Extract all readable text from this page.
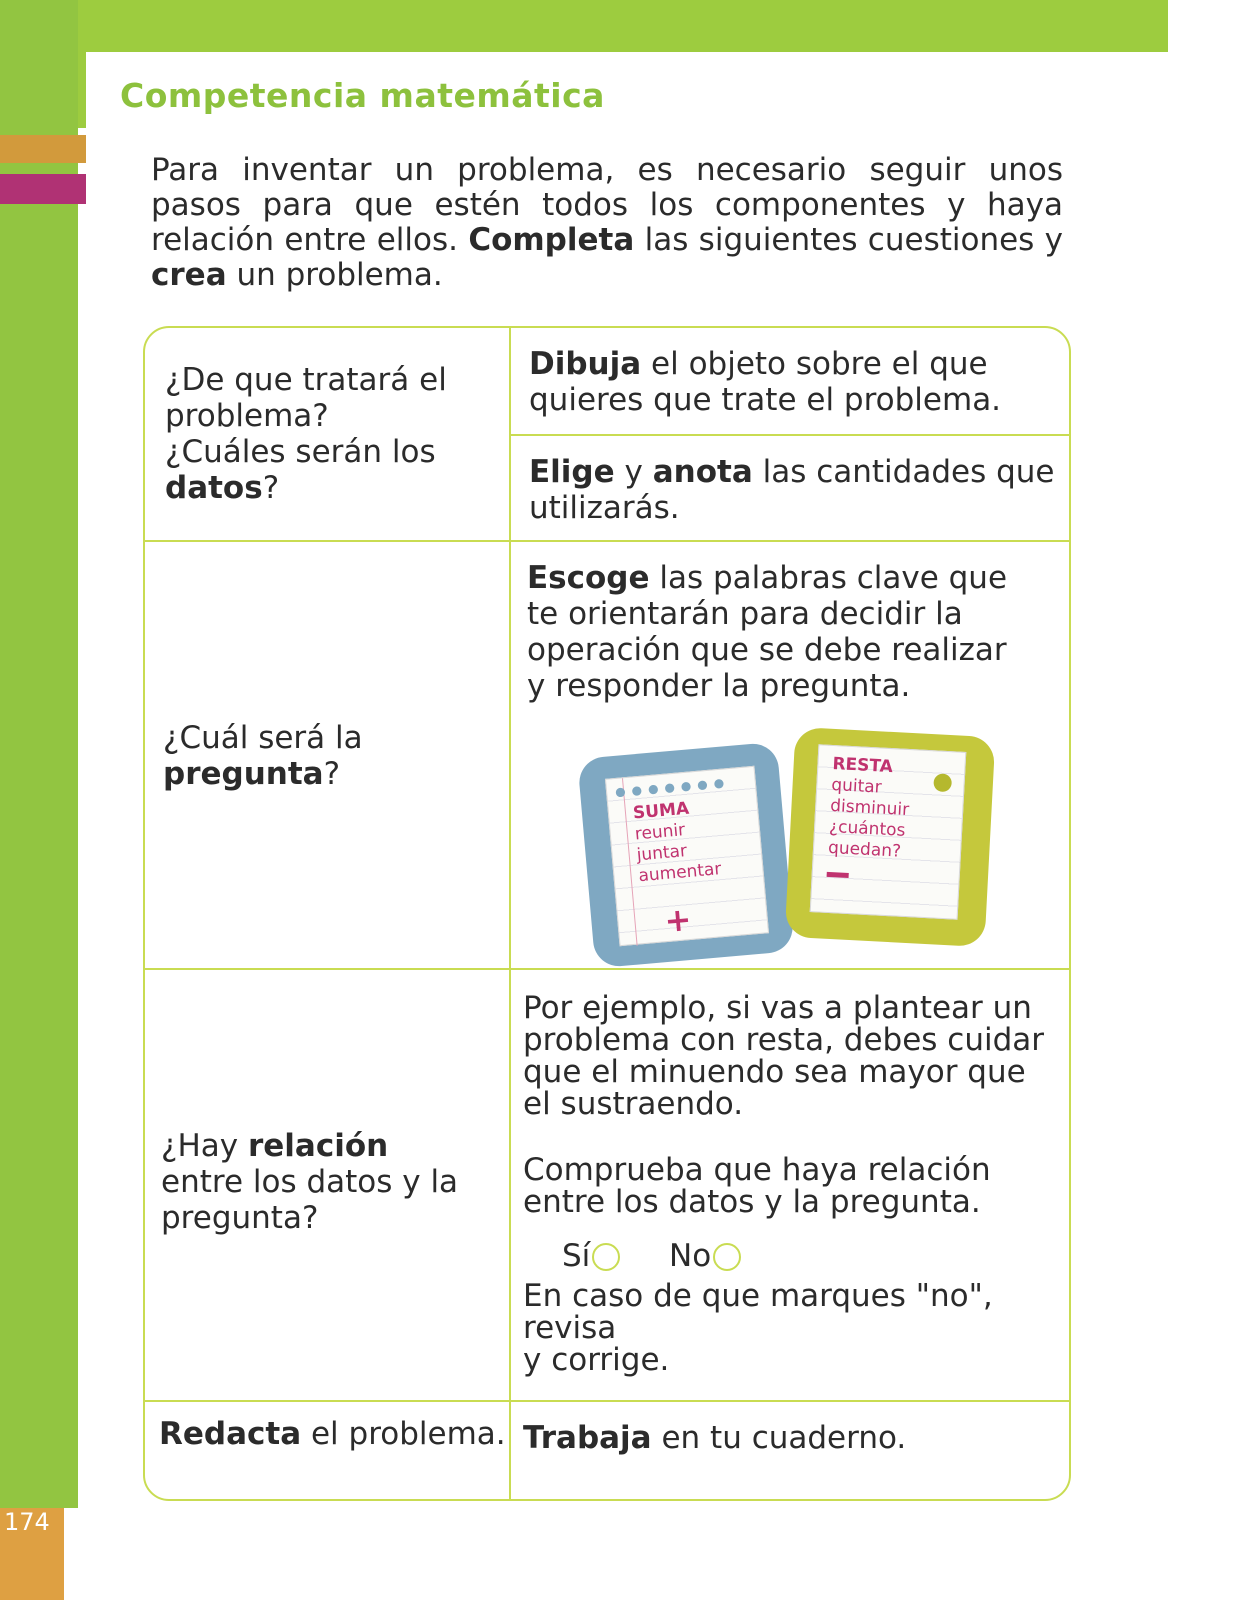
174
Competencia matemática
Para inventar un problema, es necesario seguir unos pasos para que estén todos los componentes y haya relación entre ellos. Completa las siguientes cuestiones y crea un problema.
¿De que tratará el
problema?
¿Cuáles serán los
datos?
Dibuja el objeto sobre el que quieres que trate el problema.
Elige y anota las cantidades que utilizarás.
¿Cuál será la
pregunta?
Escoge las palabras clave que te orientarán para decidir la operación que se debe realizar y responder la pregunta.
¿Hay relación
entre los datos y la
pregunta?
Por ejemplo, si vas a plantear un problema con resta, debes cuidar que el minuendo sea mayor que el sustraendo.
Comprueba que haya relación entre los datos y la pregunta.
En caso de que marques "no",
revisa
y corrige.
Redacta el problema. Trabaja en tu cuaderno.
Sí	No
●●●●●●●
SUMA
reunir
juntar
aumentar
+
RESTA
quitar
disminuir
¿cuántos
quedan?
